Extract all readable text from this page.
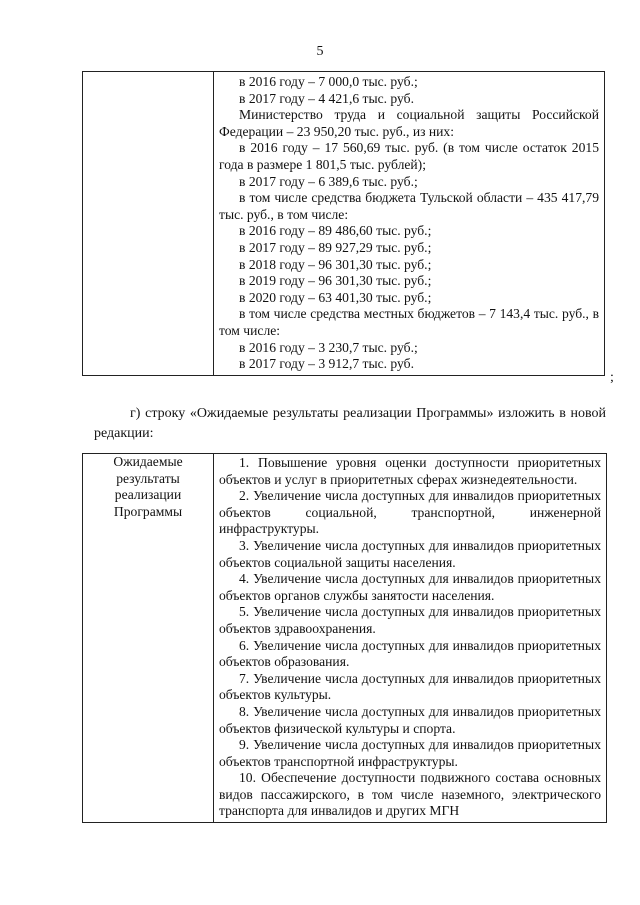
5

в 2016 году – 7 000,0 тыс. руб.;

в 2017 году – 4 421,6 тыс. руб.

Министерство труда и социальной защиты Российской Федерации – 23 950,20 тыс. руб., из них:

в 2016 году – 17 560,69 тыс. руб. (в том числе остаток 2015 года в размере 1 801,5 тыс. рублей);

в 2017 году – 6 389,6 тыс. руб.;

в том числе средства бюджета Тульской области – 435 417,79 тыс. руб., в том числе:

в 2016 году – 89 486,60 тыс. руб.;

в 2017 году – 89 927,29 тыс. руб.;

в 2018 году – 96 301,30 тыс. руб.;

в 2019 году – 96 301,30 тыс. руб.;

в 2020 году – 63 401,30 тыс. руб.;

в том числе средства местных бюджетов – 7 143,4 тыс. руб., в том числе:

в 2016 году – 3 230,7 тыс. руб.;

в 2017 году – 3 912,7 тыс. руб.

;

г) строку «Ожидаемые результаты реализации Программы» изложить в новой редакции:

Ожидаемые результаты реализации Программы	

1. Повышение уровня оценки доступности приоритетных объектов и услуг в приоритетных сферах жизнедеятельности.

2. Увеличение числа доступных для инвалидов приоритетных объектов социальной, транспортной, инженерной инфраструктуры.

3. Увеличение числа доступных для инвалидов приоритетных объектов социальной защиты населения.

4. Увеличение числа доступных для инвалидов приоритетных объектов органов службы занятости населения.

5. Увеличение числа доступных для инвалидов приоритетных объектов здравоохранения.

6. Увеличение числа доступных для инвалидов приоритетных объектов образования.

7. Увеличение числа доступных для инвалидов приоритетных объектов культуры.

8. Увеличение числа доступных для инвалидов приоритетных объектов физической культуры и спорта.

9. Увеличение числа доступных для инвалидов приоритетных объектов транспортной инфраструктуры.

10. Обеспечение доступности подвижного состава основных видов пассажирского, в том числе наземного, электрического транспорта для инвалидов и других МГН
